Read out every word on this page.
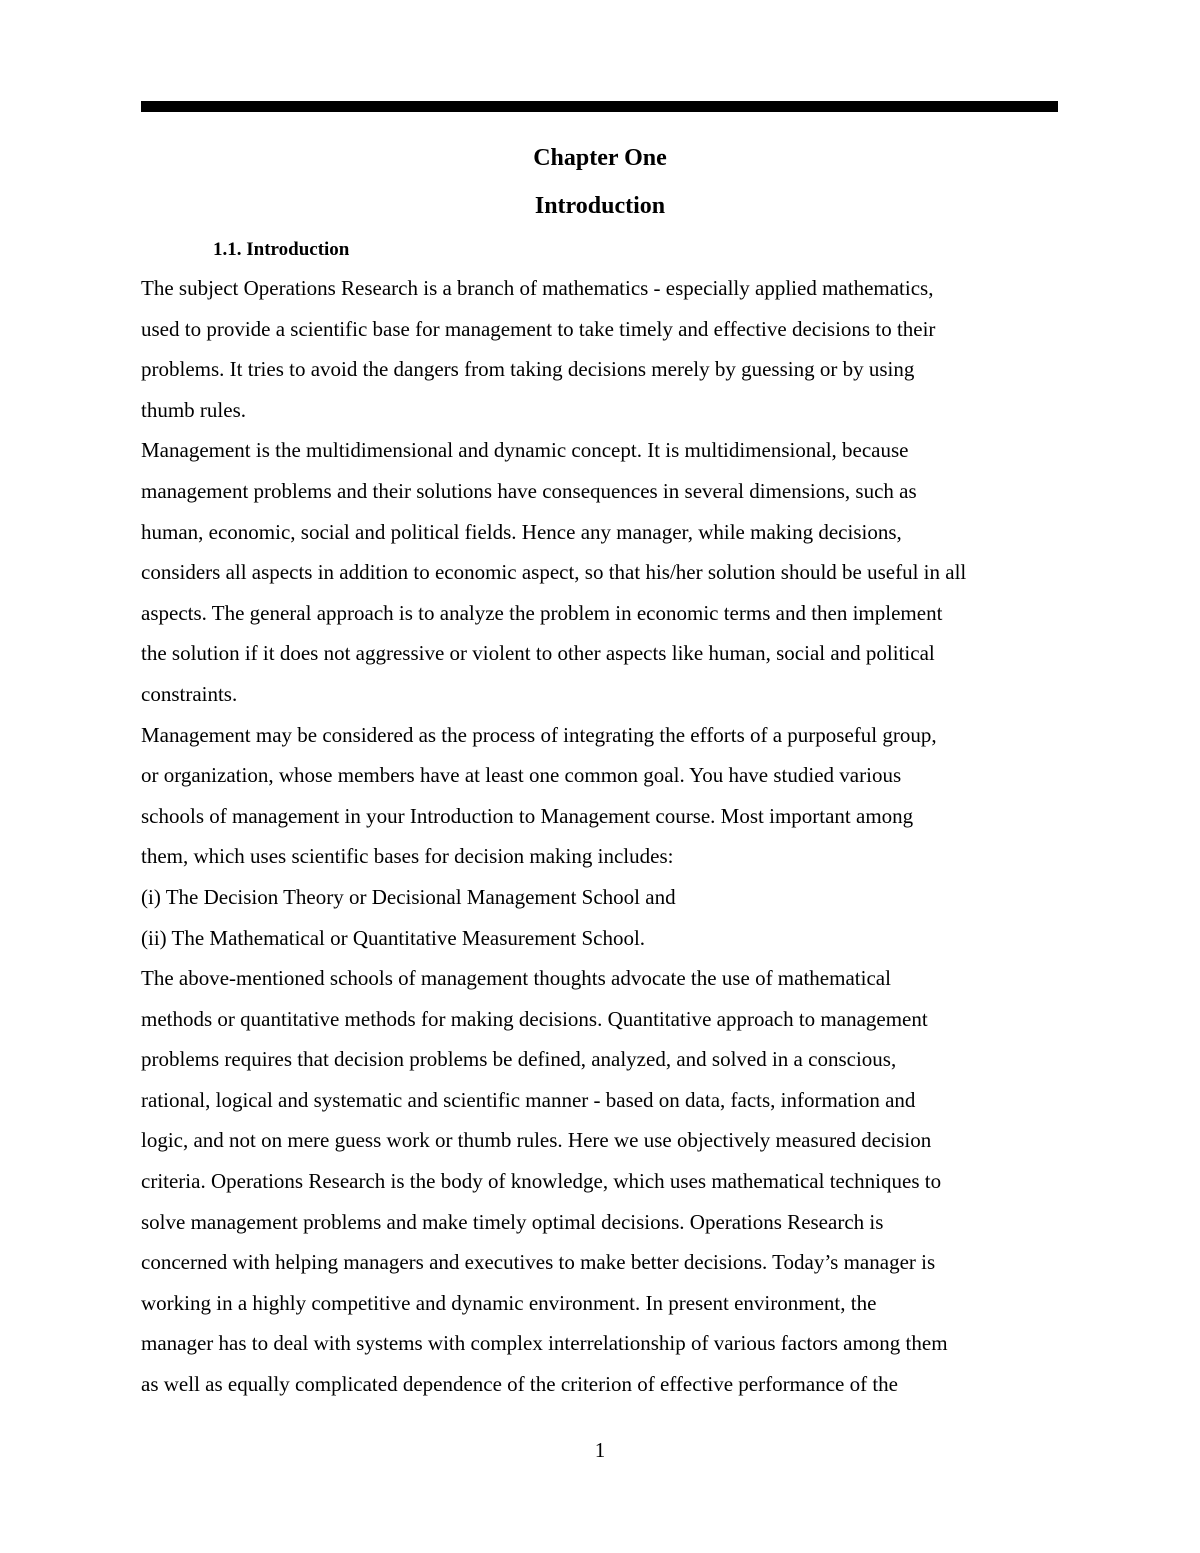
Chapter One
Introduction
1.1. Introduction
The subject Operations Research is a branch of mathematics - especially applied mathematics,
used to provide a scientific base for management to take timely and effective decisions to their
problems. It tries to avoid the dangers from taking decisions merely by guessing or by using
thumb rules.
Management is the multidimensional and dynamic concept. It is multidimensional, because
management problems and their solutions have consequences in several dimensions, such as
human, economic, social and political fields. Hence any manager, while making decisions,
considers all aspects in addition to economic aspect, so that his/her solution should be useful in all
aspects. The general approach is to analyze the problem in economic terms and then implement
the solution if it does not aggressive or violent to other aspects like human, social and political
constraints.
Management may be considered as the process of integrating the efforts of a purposeful group,
or organization, whose members have at least one common goal. You have studied various
schools of management in your Introduction to Management course. Most important among
them, which uses scientific bases for decision making includes:
(i) The Decision Theory or Decisional Management School and
(ii) The Mathematical or Quantitative Measurement School.
The above-mentioned schools of management thoughts advocate the use of mathematical
methods or quantitative methods for making decisions. Quantitative approach to management
problems requires that decision problems be defined, analyzed, and solved in a conscious,
rational, logical and systematic and scientific manner - based on data, facts, information and
logic, and not on mere guess work or thumb rules. Here we use objectively measured decision
criteria. Operations Research is the body of knowledge, which uses mathematical techniques to
solve management problems and make timely optimal decisions. Operations Research is
concerned with helping managers and executives to make better decisions. Today’s manager is
working in a highly competitive and dynamic environment. In present environment, the
manager has to deal with systems with complex interrelationship of various factors among them
as well as equally complicated dependence of the criterion of effective performance of the
1
